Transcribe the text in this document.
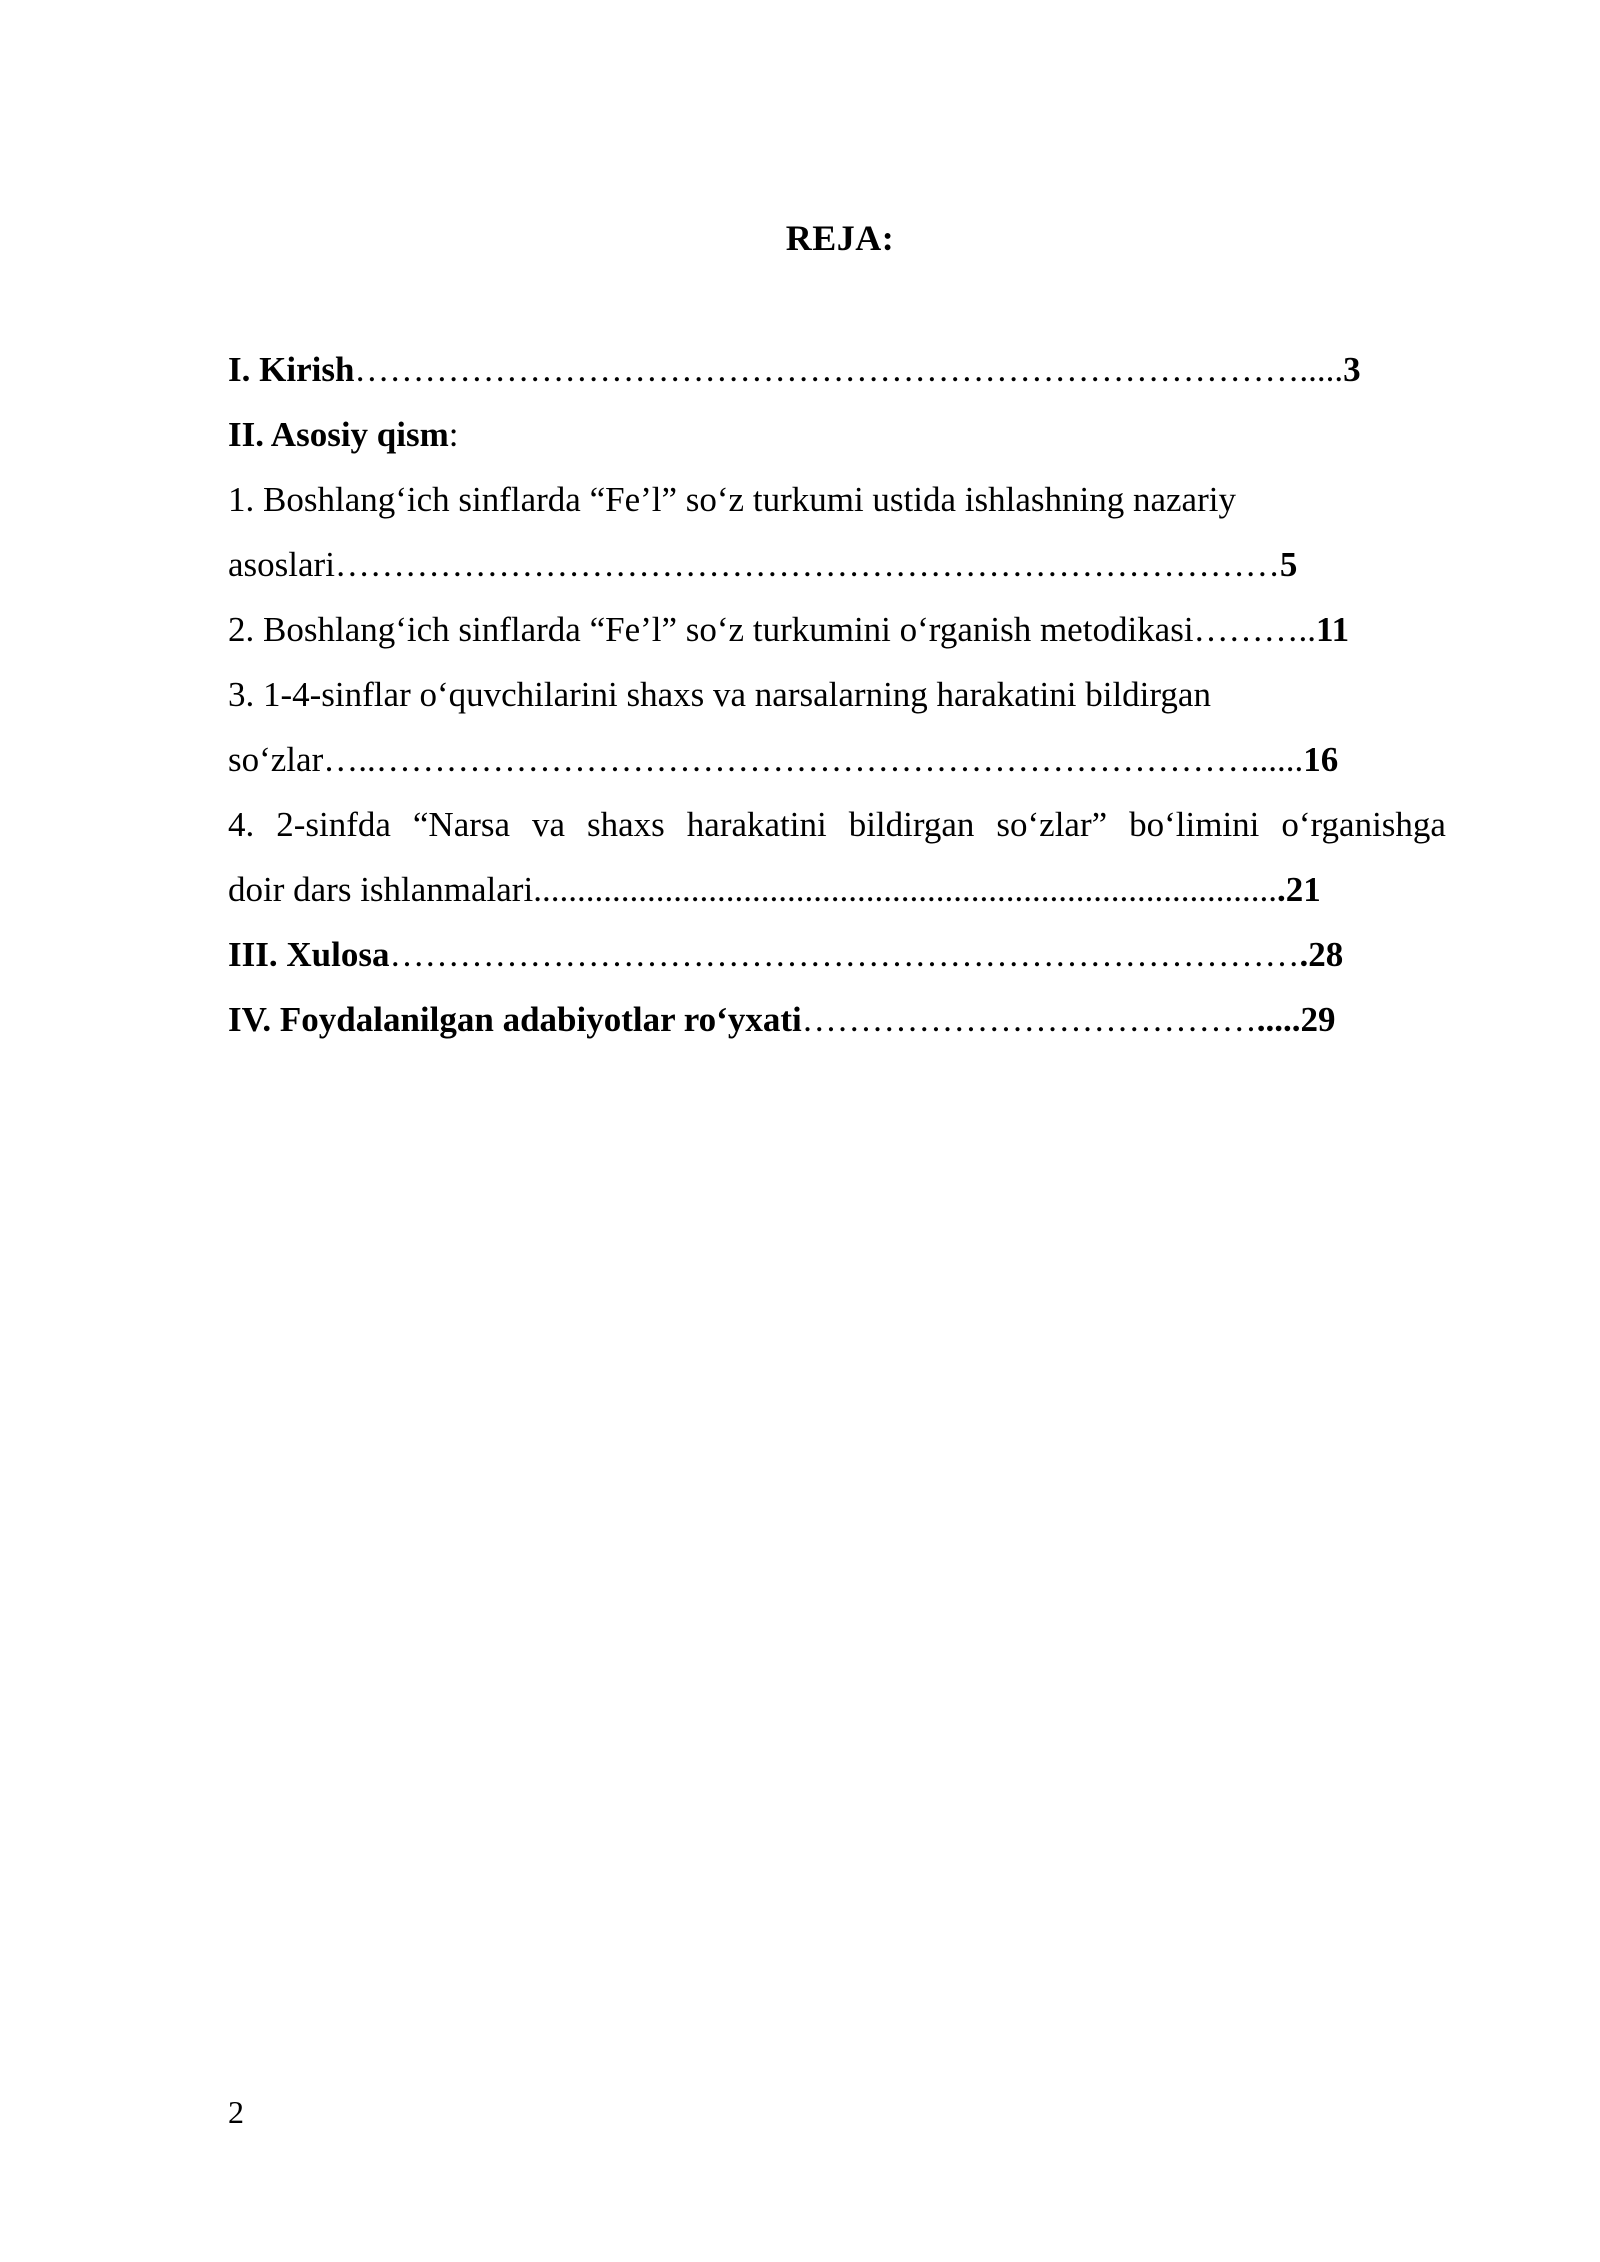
REJA:
I. Kirish……………………………………………………………………….....3
II. Asosiy qism:
1. Boshlang‘ich sinflarda “Fe’l” so‘z turkumi ustida ishlashning nazariy
asoslari………………………………………………………………………5
2. Boshlang‘ich sinflarda “Fe’l” so‘z turkumini o‘rganish metodikasi………..11
3. 1-4-sinflar o‘quvchilarini shaxs va narsalarning harakatini bildirgan
so‘zlar…..…………………………………………………………………......16
4. 2-sinfda “Narsa va shaxs harakatini bildirgan so‘zlar” bo‘limini o‘rganishga
doir dars ishlanmalari......................................................................................21
III. Xulosa…………………………………………………………………….28
IV. Foydalanilgan adabiyotlar ro‘yxati………………………………….....29
2
